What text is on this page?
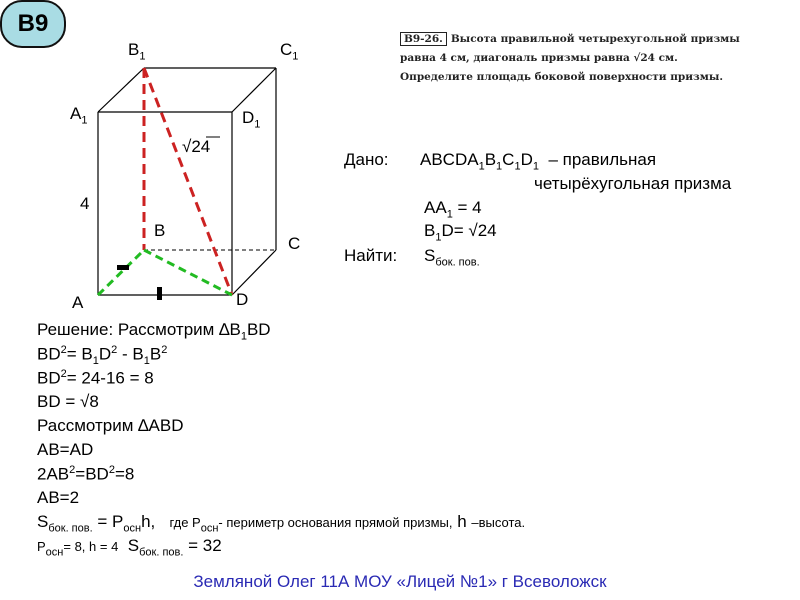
B9
$B_1$	$C_1$
$A_1$	$D_1$
B
C
A	D
4
√24
B9-26. Высота правильной четырехугольной призмы равна 4 см, диагональ призмы равна √24 см. Определите площадь боковой поверхности призмы.
Дано: $ABCDA_1B_1C_1D_1$ – правильная
четырёхугольная призма
$AA_1 = 4$
$B_1D= √24$
Найти: $S_{бок. пов.}$
Решение: Рассмотрим $\Delta B_1BD$
$BD^2= B_1D^2 - B_1B^2$
$BD^2= 24-16 = 8$
BD = √8
Рассмотрим ∆ABD
AB=AD
$2AB^2=BD^2=8$
AB=2
$S_{бок. пов.} = P_{осн}h$, где $P_{осн}-$ периметр основания прямой призмы, h –высота.
$P_{осн}= 8$, h = 4 $S_{бок. пов.} = 32$
Земляной Олег 11А МОУ «Лицей №1» г Всеволожск
